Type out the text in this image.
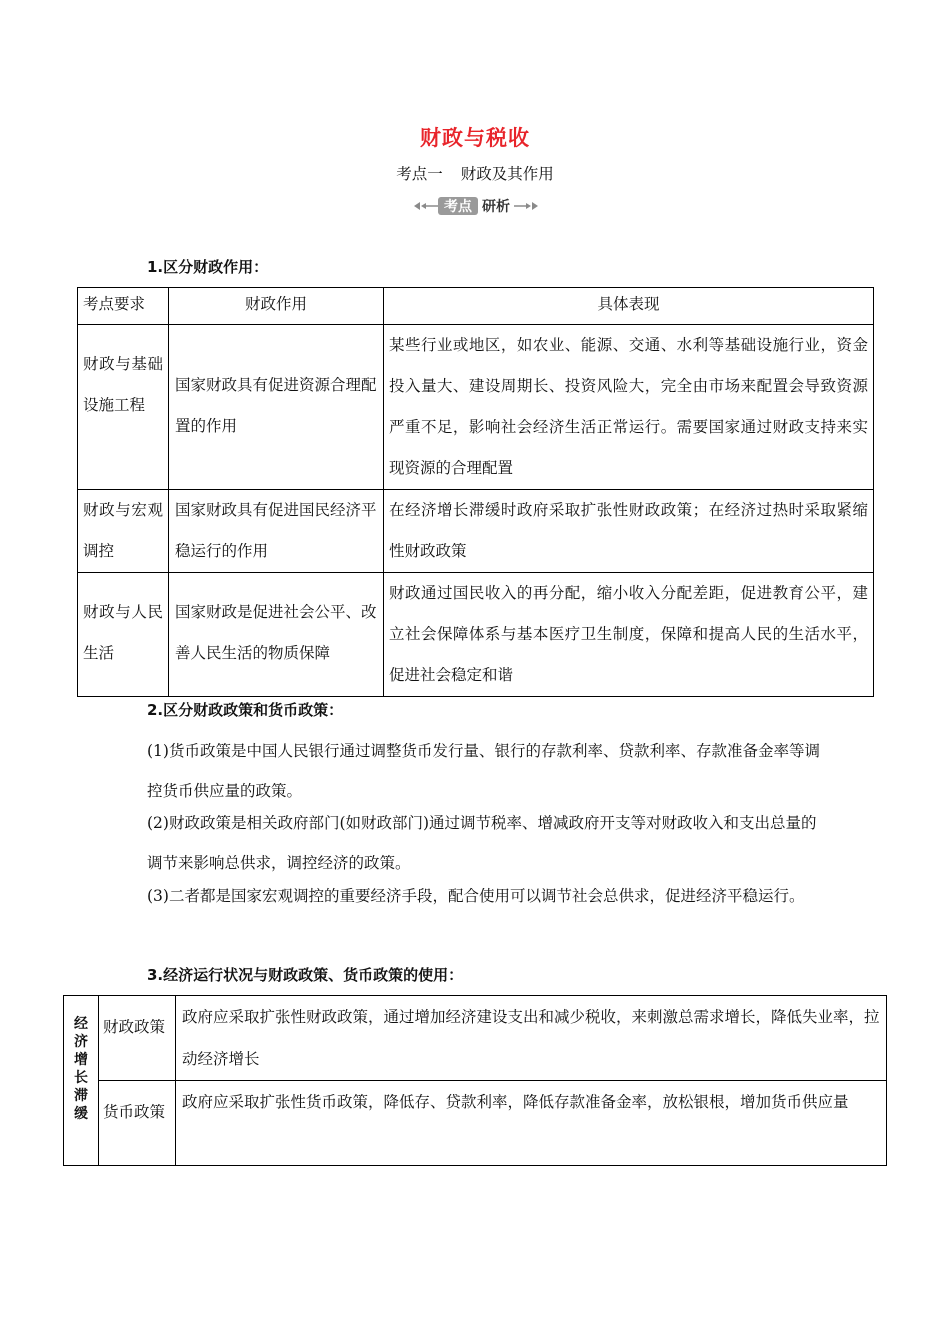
财政与税收
考点一 财政及其作用
考点 研析
1.区分财政作用：
考点要求	财政作用	具体表现
财政与基础设施工程	国家财政具有促进资源合理配置的作用	某些行业或地区，如农业、能源、交通、水利等基础设施行业，资金投入量大、建设周期长、投资风险大，完全由市场来配置会导致资源严重不足，影响社会经济生活正常运行。需要国家通过财政支持来实现资源的合理配置
财政与宏观调控	国家财政具有促进国民经济平稳运行的作用	在经济增长滞缓时政府采取扩张性财政政策；在经济过热时采取紧缩性财政政策
财政与人民生活	国家财政是促进社会公平、改善人民生活的物质保障	财政通过国民收入的再分配，缩小收入分配差距，促进教育公平，建立社会保障体系与基本医疗卫生制度，保障和提高人民的生活水平，促进社会稳定和谐
2.区分财政政策和货币政策：
(1)货币政策是中国人民银行通过调整货币发行量、银行的存款利率、贷款利率、存款准备金率等调控货币供应量的政策。
(2)财政政策是相关政府部门(如财政部门)通过调节税率、增减政府开支等对财政收入和支出总量的调节来影响总供求，调控经济的政策。
(3)二者都是国家宏观调控的重要经济手段，配合使用可以调节社会总供求，促进经济平稳运行。
3.经济运行状况与财政政策、货币政策的使用：
经济增长滞缓	财政政策	政府应采取扩张性财政政策，通过增加经济建设支出和减少税收，来刺激总需求增长，降低失业率，拉动经济增长
	货币政策	政府应采取扩张性货币政策，降低存、贷款利率，降低存款准备金率，放松银根，增加货币供应量
